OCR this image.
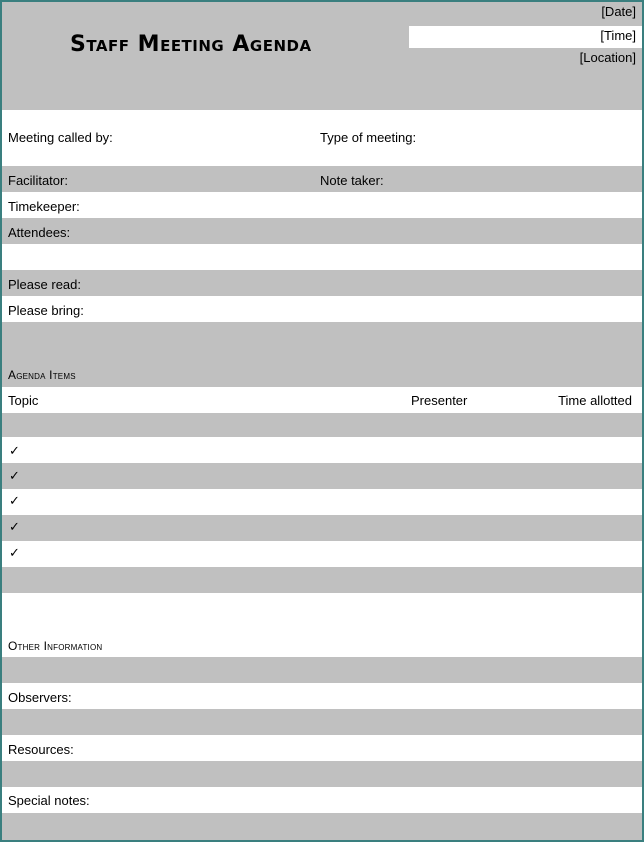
Staff Meeting Agenda
[Date]
[Time]
[Location]
Meeting called by:	Type of meeting:
Facilitator:	Note taker:
Timekeeper:
Attendees:
Please read:
Please bring:
Agenda Items
Topic	Presenter	Time allotted
✓
✓
✓
✓
✓
Other Information
Observers:
Resources:
Special notes:
